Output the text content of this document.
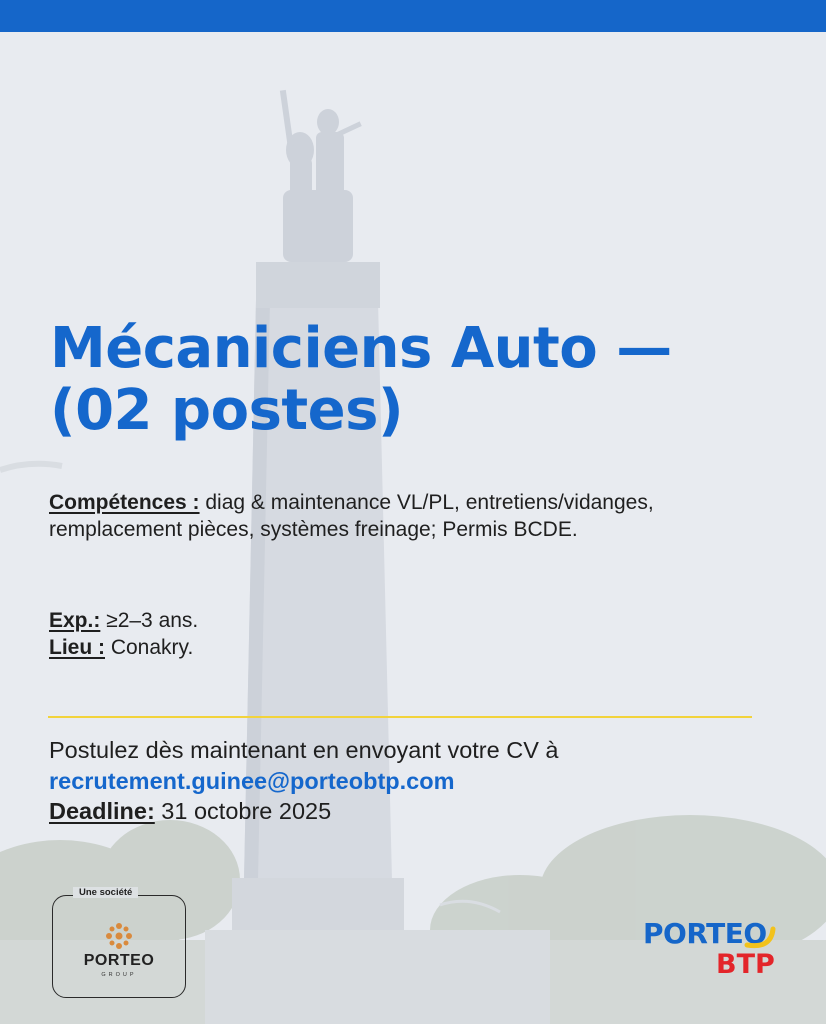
Mécaniciens Auto — (02 postes)
Compétences : diag & maintenance VL/PL, entretiens/vidanges, remplacement pièces, systèmes freinage; Permis BCDE.
Exp.: ≥2–3 ans.
Lieu : Conakry.
Postulez dès maintenant en envoyant votre CV à
recrutement.guinee@porteobtp.com
Deadline: 31 octobre 2025
Une société
PORTEO
GROUP
PORTEO
BTP
